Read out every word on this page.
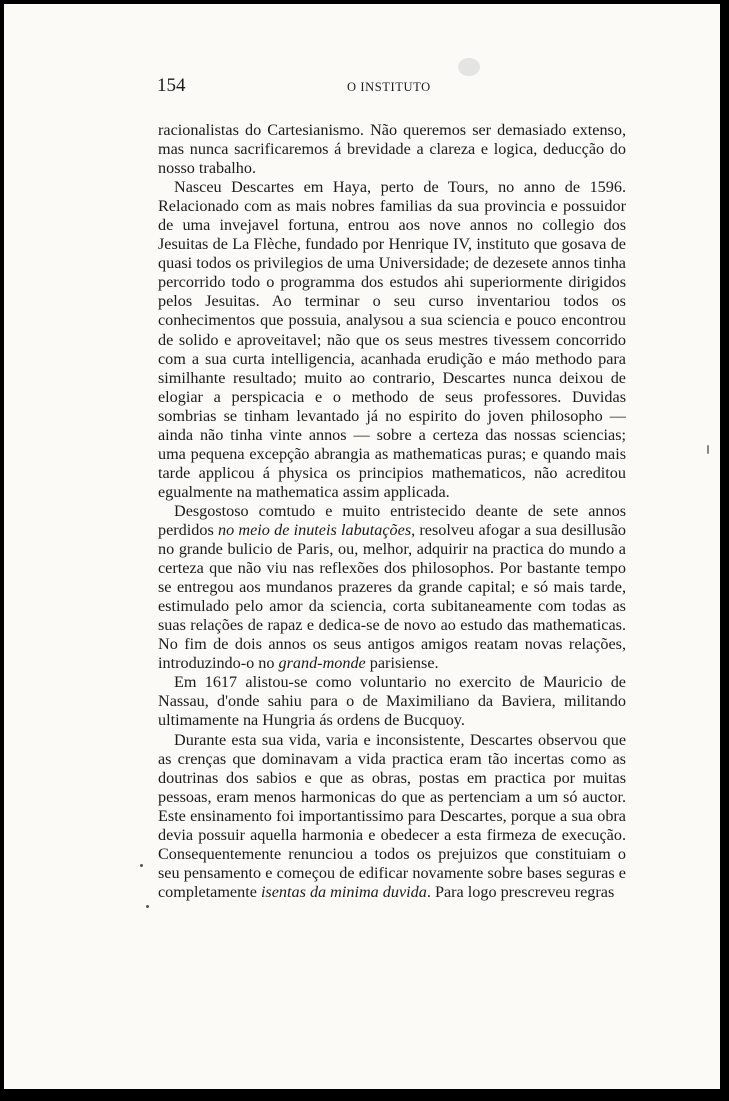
154	O INSTITUTO

racionalistas do Cartesianismo. Não queremos ser demasiado extenso, mas nunca sacrificaremos á brevidade a clareza e logica, deducção do nosso trabalho.

Nasceu Descartes em Haya, perto de Tours, no anno de 1596. Relacionado com as mais nobres familias da sua provincia e possuidor de uma invejavel fortuna, entrou aos nove annos no collegio dos Jesuitas de La Flèche, fundado por Henrique IV, instituto que gosava de quasi todos os privilegios de uma Universidade; de dezesete annos tinha percorrido todo o programma dos estudos ahi superiormente dirigidos pelos Jesuitas. Ao terminar o seu curso inventariou todos os conhecimentos que possuia, analysou a sua sciencia e pouco encontrou de solido e aproveitavel; não que os seus mestres tivessem concorrido com a sua curta intelligencia, acanhada erudição e máo methodo para similhante resultado; muito ao contrario, Descartes nunca deixou de elogiar a perspicacia e o methodo de seus professores. Duvidas sombrias se tinham levantado já no espirito do joven philosopho — ainda não tinha vinte annos — sobre a certeza das nossas sciencias; uma pequena excepção abrangia as mathematicas puras; e quando mais tarde applicou á physica os principios mathematicos, não acreditou egualmente na mathematica assim applicada.

Desgostoso comtudo e muito entristecido deante de sete annos perdidos no meio de inuteis labutações, resolveu afogar a sua desillusão no grande bulicio de Paris, ou, melhor, adquirir na practica do mundo a certeza que não viu nas reflexões dos philosophos. Por bastante tempo se entregou aos mundanos prazeres da grande capital; e só mais tarde, estimulado pelo amor da sciencia, corta subitaneamente com todas as suas relações de rapaz e dedica-se de novo ao estudo das mathematicas. No fim de dois annos os seus antigos amigos reatam novas relações, introduzindo-o no grand-monde parisiense.

Em 1617 alistou-se como voluntario no exercito de Mauricio de Nassau, d'onde sahiu para o de Maximiliano da Baviera, militando ultimamente na Hungria ás ordens de Bucquoy.

Durante esta sua vida, varia e inconsistente, Descartes observou que as crenças que dominavam a vida practica eram tão incertas como as doutrinas dos sabios e que as obras, postas em practica por muitas pessoas, eram menos harmonicas do que as pertenciam a um só auctor. Este ensinamento foi importantissimo para Descartes, porque a sua obra devia possuir aquella harmonia e obedecer a esta firmeza de execução. Consequentemente renunciou a todos os prejuizos que constituiam o seu pensamento e começou de edificar novamente sobre bases seguras e completamente isentas da minima duvida. Para logo prescreveu regras
